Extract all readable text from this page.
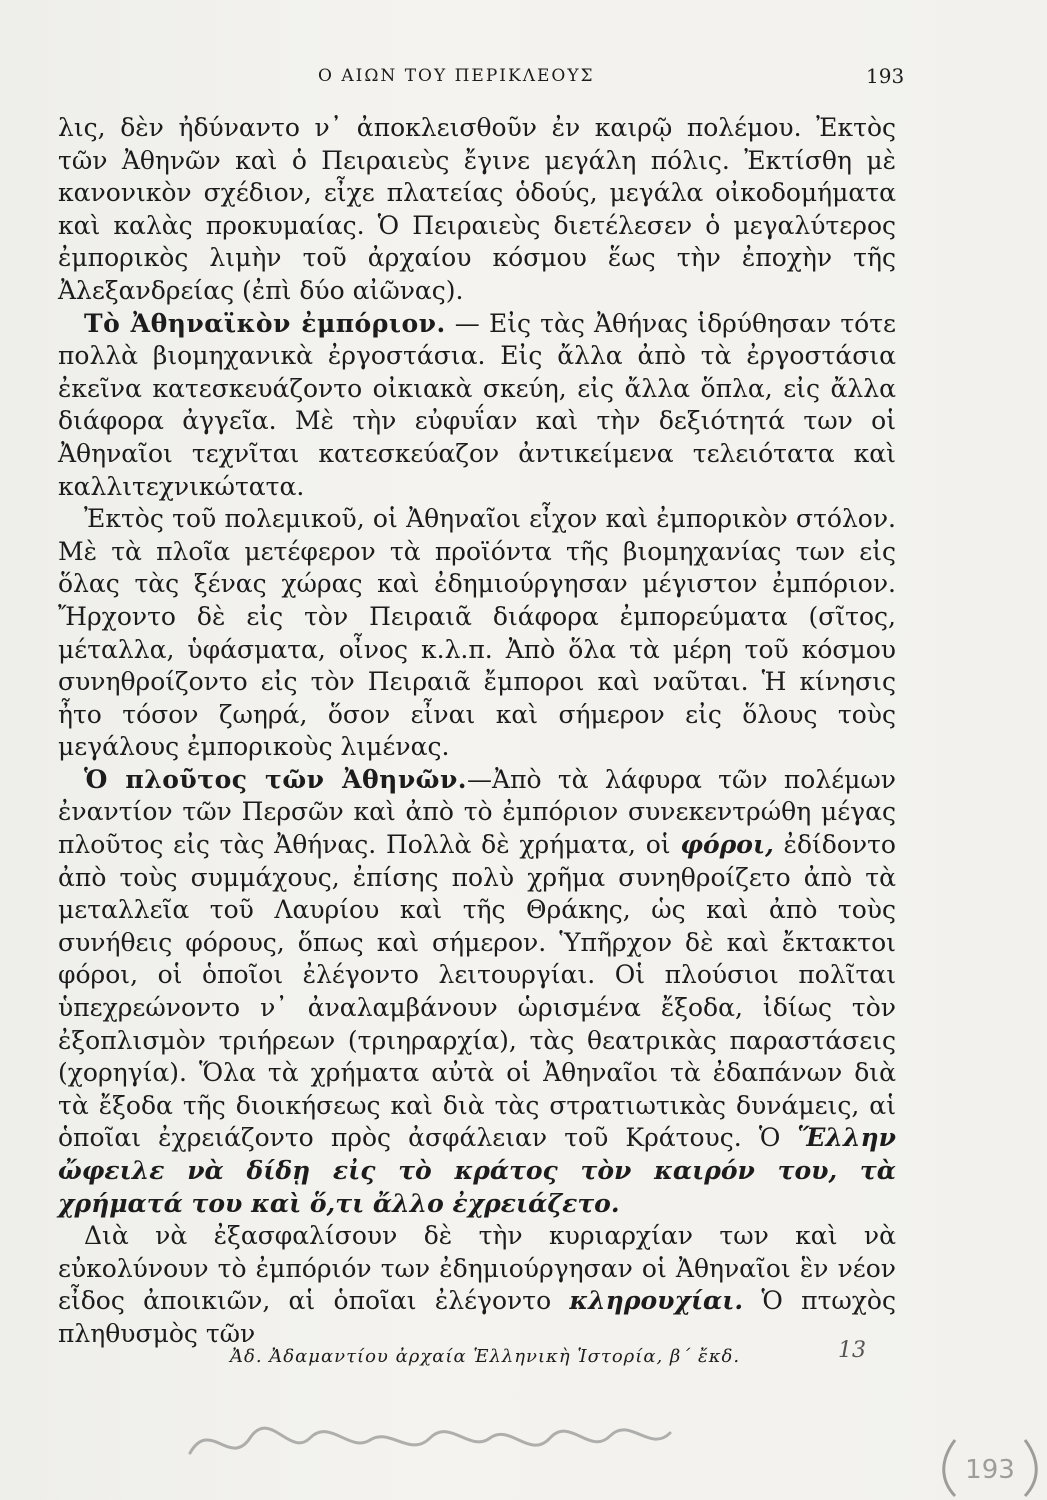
Ο ΑΙΩΝ ΤΟΥ ΠΕΡΙΚΛΕΟΥΣ	193

λις, δὲν ἠδύναντο ν᾿ ἀποκλεισθοῦν ἐν καιρῷ πολέμου. Ἐκτὸς τῶν Ἀθηνῶν καὶ ὁ Πειραιεὺς ἔγινε μεγάλη πόλις. Ἐκτίσθη μὲ κανονικὸν σχέδιον, εἶχε πλατείας ὁδούς, μεγάλα οἰκοδομήματα καὶ καλὰς προκυμαίας. Ὁ Πειραιεὺς διετέλεσεν ὁ μεγαλύτερος ἐμπορικὸς λιμὴν τοῦ ἀρχαίου κόσμου ἕως τὴν ἐποχὴν τῆς Ἀλεξανδρείας (ἐπὶ δύο αἰῶνας).

Τὸ Ἀθηναϊκὸν ἐμπόριον. — Εἰς τὰς Ἀθήνας ἱδρύθησαν τότε πολλὰ βιομηχανικὰ ἐργοστάσια. Εἰς ἄλλα ἀπὸ τὰ ἐργοστάσια ἐκεῖνα κατεσκευάζοντο οἰκιακὰ σκεύη, εἰς ἄλλα ὅπλα, εἰς ἄλλα διάφορα ἀγγεῖα. Μὲ τὴν εὐφυΐαν καὶ τὴν δεξιότητά των οἱ Ἀθηναῖοι τεχνῖται κατεσκεύαζον ἀντικείμενα τελειότατα καὶ καλλιτεχνικώτατα.

Ἐκτὸς τοῦ πολεμικοῦ, οἱ Ἀθηναῖοι εἶχον καὶ ἐμπορικὸν στόλον. Μὲ τὰ πλοῖα μετέφερον τὰ προϊόντα τῆς βιομηχανίας των εἰς ὅλας τὰς ξένας χώρας καὶ ἐδημιούργησαν μέγιστον ἐμπόριον. Ἤρχοντο δὲ εἰς τὸν Πειραιᾶ διάφορα ἐμπορεύματα (σῖτος, μέταλλα, ὑφάσματα, οἶνος κ.λ.π. Ἀπὸ ὅλα τὰ μέρη τοῦ κόσμου συνηθροίζοντο εἰς τὸν Πειραιᾶ ἔμποροι καὶ ναῦται. Ἡ κίνησις ἦτο τόσον ζωηρά, ὅσον εἶναι καὶ σήμερον εἰς ὅλους τοὺς μεγάλους ἐμπορικοὺς λιμένας.

Ὁ πλοῦτος τῶν Ἀθηνῶν.—Ἀπὸ τὰ λάφυρα τῶν πολέμων ἐναντίον τῶν Περσῶν καὶ ἀπὸ τὸ ἐμπόριον συνεκεντρώθη μέγας πλοῦτος εἰς τὰς Ἀθήνας. Πολλὰ δὲ χρήματα, οἱ φόροι, ἐδίδοντο ἀπὸ τοὺς συμμάχους, ἐπίσης πολὺ χρῆμα συνηθροίζετο ἀπὸ τὰ μεταλλεῖα τοῦ Λαυρίου καὶ τῆς Θράκης, ὡς καὶ ἀπὸ τοὺς συνήθεις φόρους, ὅπως καὶ σήμερον. Ὑπῆρχον δὲ καὶ ἔκτακτοι φόροι, οἱ ὁποῖοι ἐλέγοντο λειτουργίαι. Οἱ πλούσιοι πολῖται ὑπεχρεώνοντο ν᾿ ἀναλαμβάνουν ὡρισμένα ἔξοδα, ἰδίως τὸν ἐξοπλισμὸν τριήρεων (τριηραρχία), τὰς θεατρικὰς παραστάσεις (χορηγία). Ὅλα τὰ χρήματα αὐτὰ οἱ Ἀθηναῖοι τὰ ἐδαπάνων διὰ τὰ ἔξοδα τῆς διοικήσεως καὶ διὰ τὰς στρατιωτικὰς δυνάμεις, αἱ ὁποῖαι ἐχρειάζοντο πρὸς ἀσφάλειαν τοῦ Κράτους. Ὁ Ἕλλην ὤφειλε νὰ δίδῃ εἰς τὸ κράτος τὸν καιρόν του, τὰ χρήματά του καὶ ὅ,τι ἄλλο ἐχρειάζετο.

Διὰ νὰ ἐξασφαλίσουν δὲ τὴν κυριαρχίαν των καὶ νὰ εὐκολύνουν τὸ ἐμπόριόν των ἐδημιούργησαν οἱ Ἀθηναῖοι ἓν νέον εἶδος ἀποικιῶν, αἱ ὁποῖαι ἐλέγοντο κληρουχίαι. Ὁ πτωχὸς πληθυσμὸς τῶν

Ἀδ. Ἀδαμαντίου ἀρχαία Ἑλληνικὴ Ἱστορία, β΄ ἔκδ.	13
193
